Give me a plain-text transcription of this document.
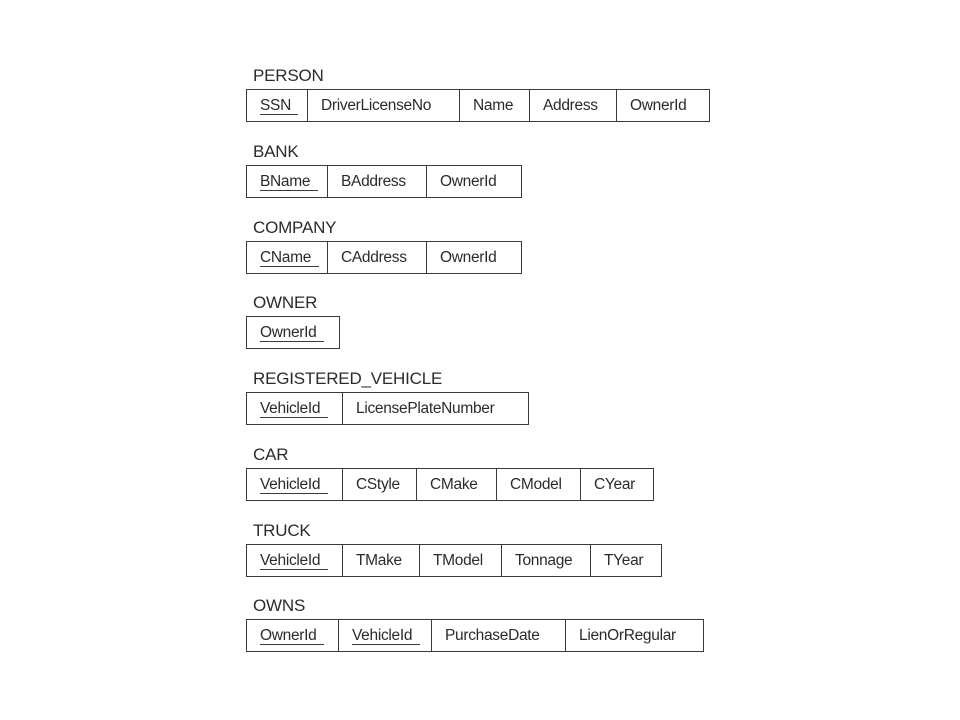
PERSON
SSN DriverLicenseNo	Name Address OwnerId
BANK
BName BAddress OwnerId
COMPANY
CName CAddress OwnerId
OWNER
OwnerId
REGISTERED_VEHICLE
VehicleId LicensePlateNumber
CAR
VehicleId CStyle CMake CModel CYear
TRUCK
VehicleId TMake TModel Tonnage TYear
OWNS
OwnerId VehicleId PurchaseDate	LienOrRegular
